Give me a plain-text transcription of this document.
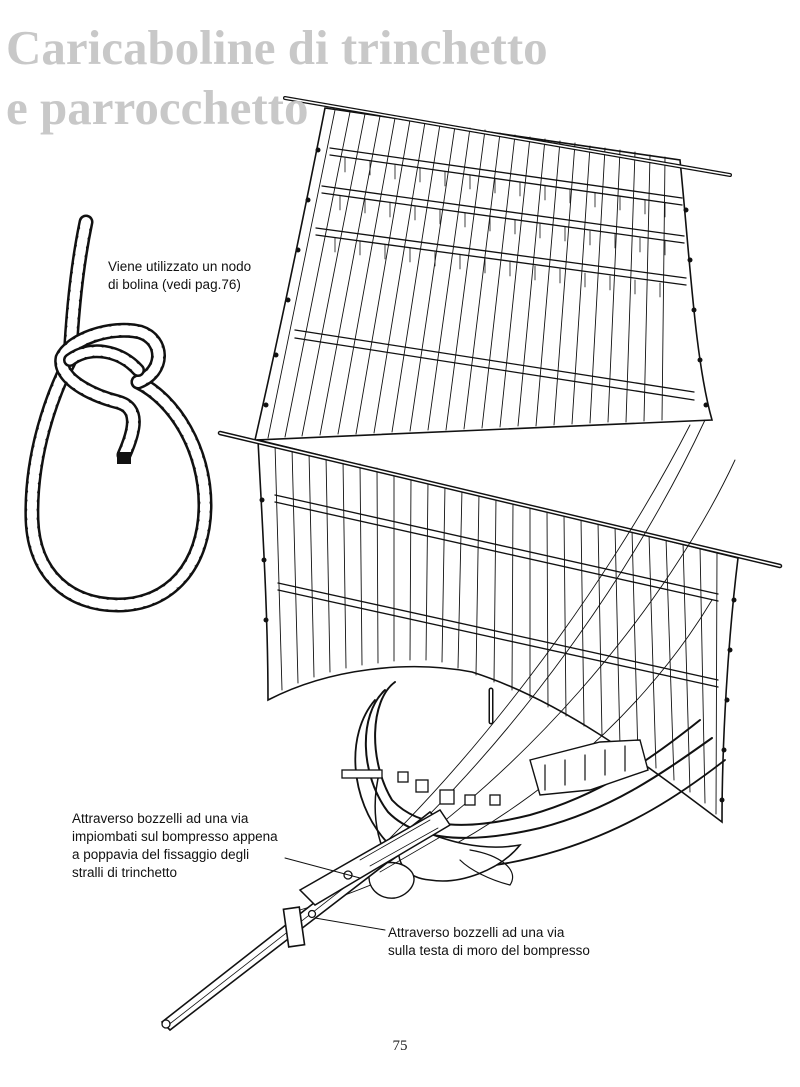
Caricaboline di trinchetto
e parrocchetto

Viene utilizzato un nodo
di bolina (vedi pag.76)

Attraverso bozzelli ad una via
impiombati sul bompresso appena
a poppavia del fissaggio degli
stralli di trinchetto

Attraverso bozzelli ad una via
sulla testa di moro del bompresso

75
